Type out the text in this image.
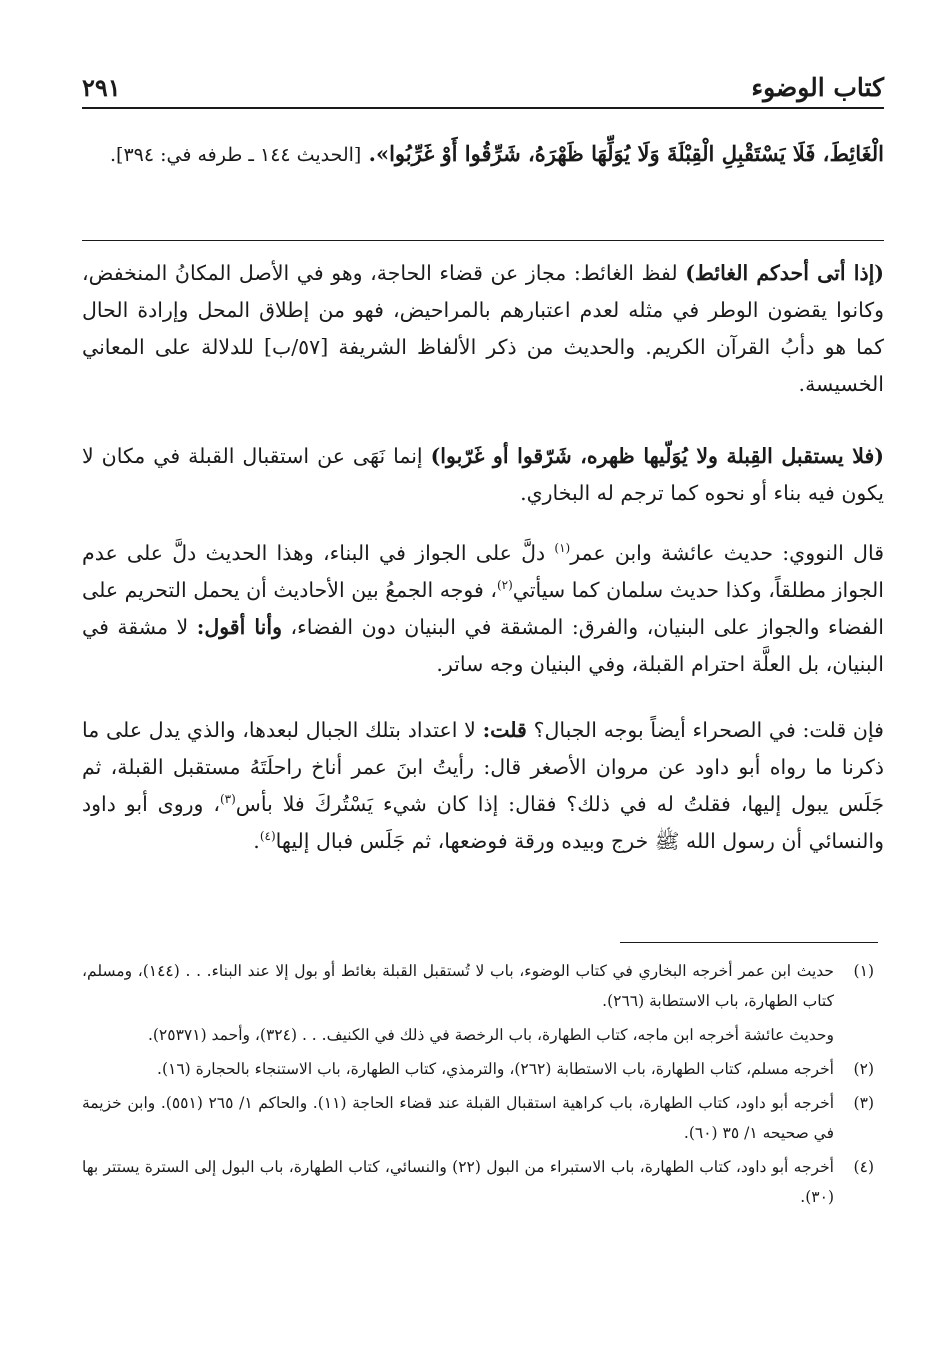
كتاب الوضوء
٢٩١
الْغَائِطَ، فَلَا يَسْتَقْبِلِ الْقِبْلَةَ وَلَا يُوَلِّهَا ظَهْرَهُ، شَرِّقُوا أَوْ غَرِّبُوا». [الحديث ١٤٤ ـ طرفه في: ٣٩٤].
(إذا أتى أحدكم الغائط) لفظ الغائط: مجاز عن قضاء الحاجة، وهو في الأصل المكانُ المنخفض، وكانوا يقضون الوطر في مثله لعدم اعتبارهم بالمراحيض، فهو من إطلاق المحل وإرادة الحال كما هو دأبُ القرآن الكريم. والحديث من ذكر الألفاظ الشريفة [٥٧/ب] للدلالة على المعاني الخسيسة.
(فلا يستقبل القِبلة ولا يُوَلّيها ظهره، شَرّقوا أو غَرّبوا) إنما نَهَى عن استقبال القبلة في مكان لا يكون فيه بناء أو نحوه كما ترجم له البخاري.
قال النووي: حديث عائشة وابن عمر$^{(١)}$ دلَّ على الجواز في البناء، وهذا الحديث دلَّ على عدم الجواز مطلقاً، وكذا حديث سلمان كما سيأتي$^{(٢)}$، فوجه الجمعُ بين الأحاديث أن يحمل التحريم على الفضاء والجواز على البنيان، والفرق: المشقة في البنيان دون الفضاء، وأنا أقول: لا مشقة في البنيان، بل العلَّة احترام القبلة، وفي البنيان وجه ساتر.
فإن قلت: في الصحراء أيضاً بوجه الجبال؟ قلت: لا اعتداد بتلك الجبال لبعدها، والذي يدل على ما ذكرنا ما رواه أبو داود عن مروان الأصغر قال: رأيتُ ابنَ عمر أناخ راحلَتَهُ مستقبل القبلة، ثم جَلَس يبول إليها، فقلتُ له في ذلك؟ فقال: إذا كان شيء يَسْتُركَ فلا بأس$^{(٣)}$، وروى أبو داود والنسائي أن رسول الله ﷺ خرج وبيده ورقة فوضعها، ثم جَلَس فبال إليها$^{(٤)}$.
(١)
حديث ابن عمر أخرجه البخاري في كتاب الوضوء، باب لا تُستقبل القبلة بغائط أو بول إلا عند البناء. . . (١٤٤)، ومسلم، كتاب الطهارة، باب الاستطابة (٢٦٦).
وحديث عائشة أخرجه ابن ماجه، كتاب الطهارة، باب الرخصة في ذلك في الكنيف. . . (٣٢٤)، وأحمد (٢٥٣٧١).
(٢)
أخرجه مسلم، كتاب الطهارة، باب الاستطابة (٢٦٢)، والترمذي، كتاب الطهارة، باب الاستنجاء بالحجارة (١٦).
(٣)
أخرجه أبو داود، كتاب الطهارة، باب كراهية استقبال القبلة عند قضاء الحاجة (١١). والحاكم ١/ ٢٦٥ (٥٥١). وابن خزيمة في صحيحه ١/ ٣٥ (٦٠).
(٤)
أخرجه أبو داود، كتاب الطهارة، باب الاستبراء من البول (٢٢) والنسائي، كتاب الطهارة، باب البول إلى السترة يستتر بها (٣٠).
